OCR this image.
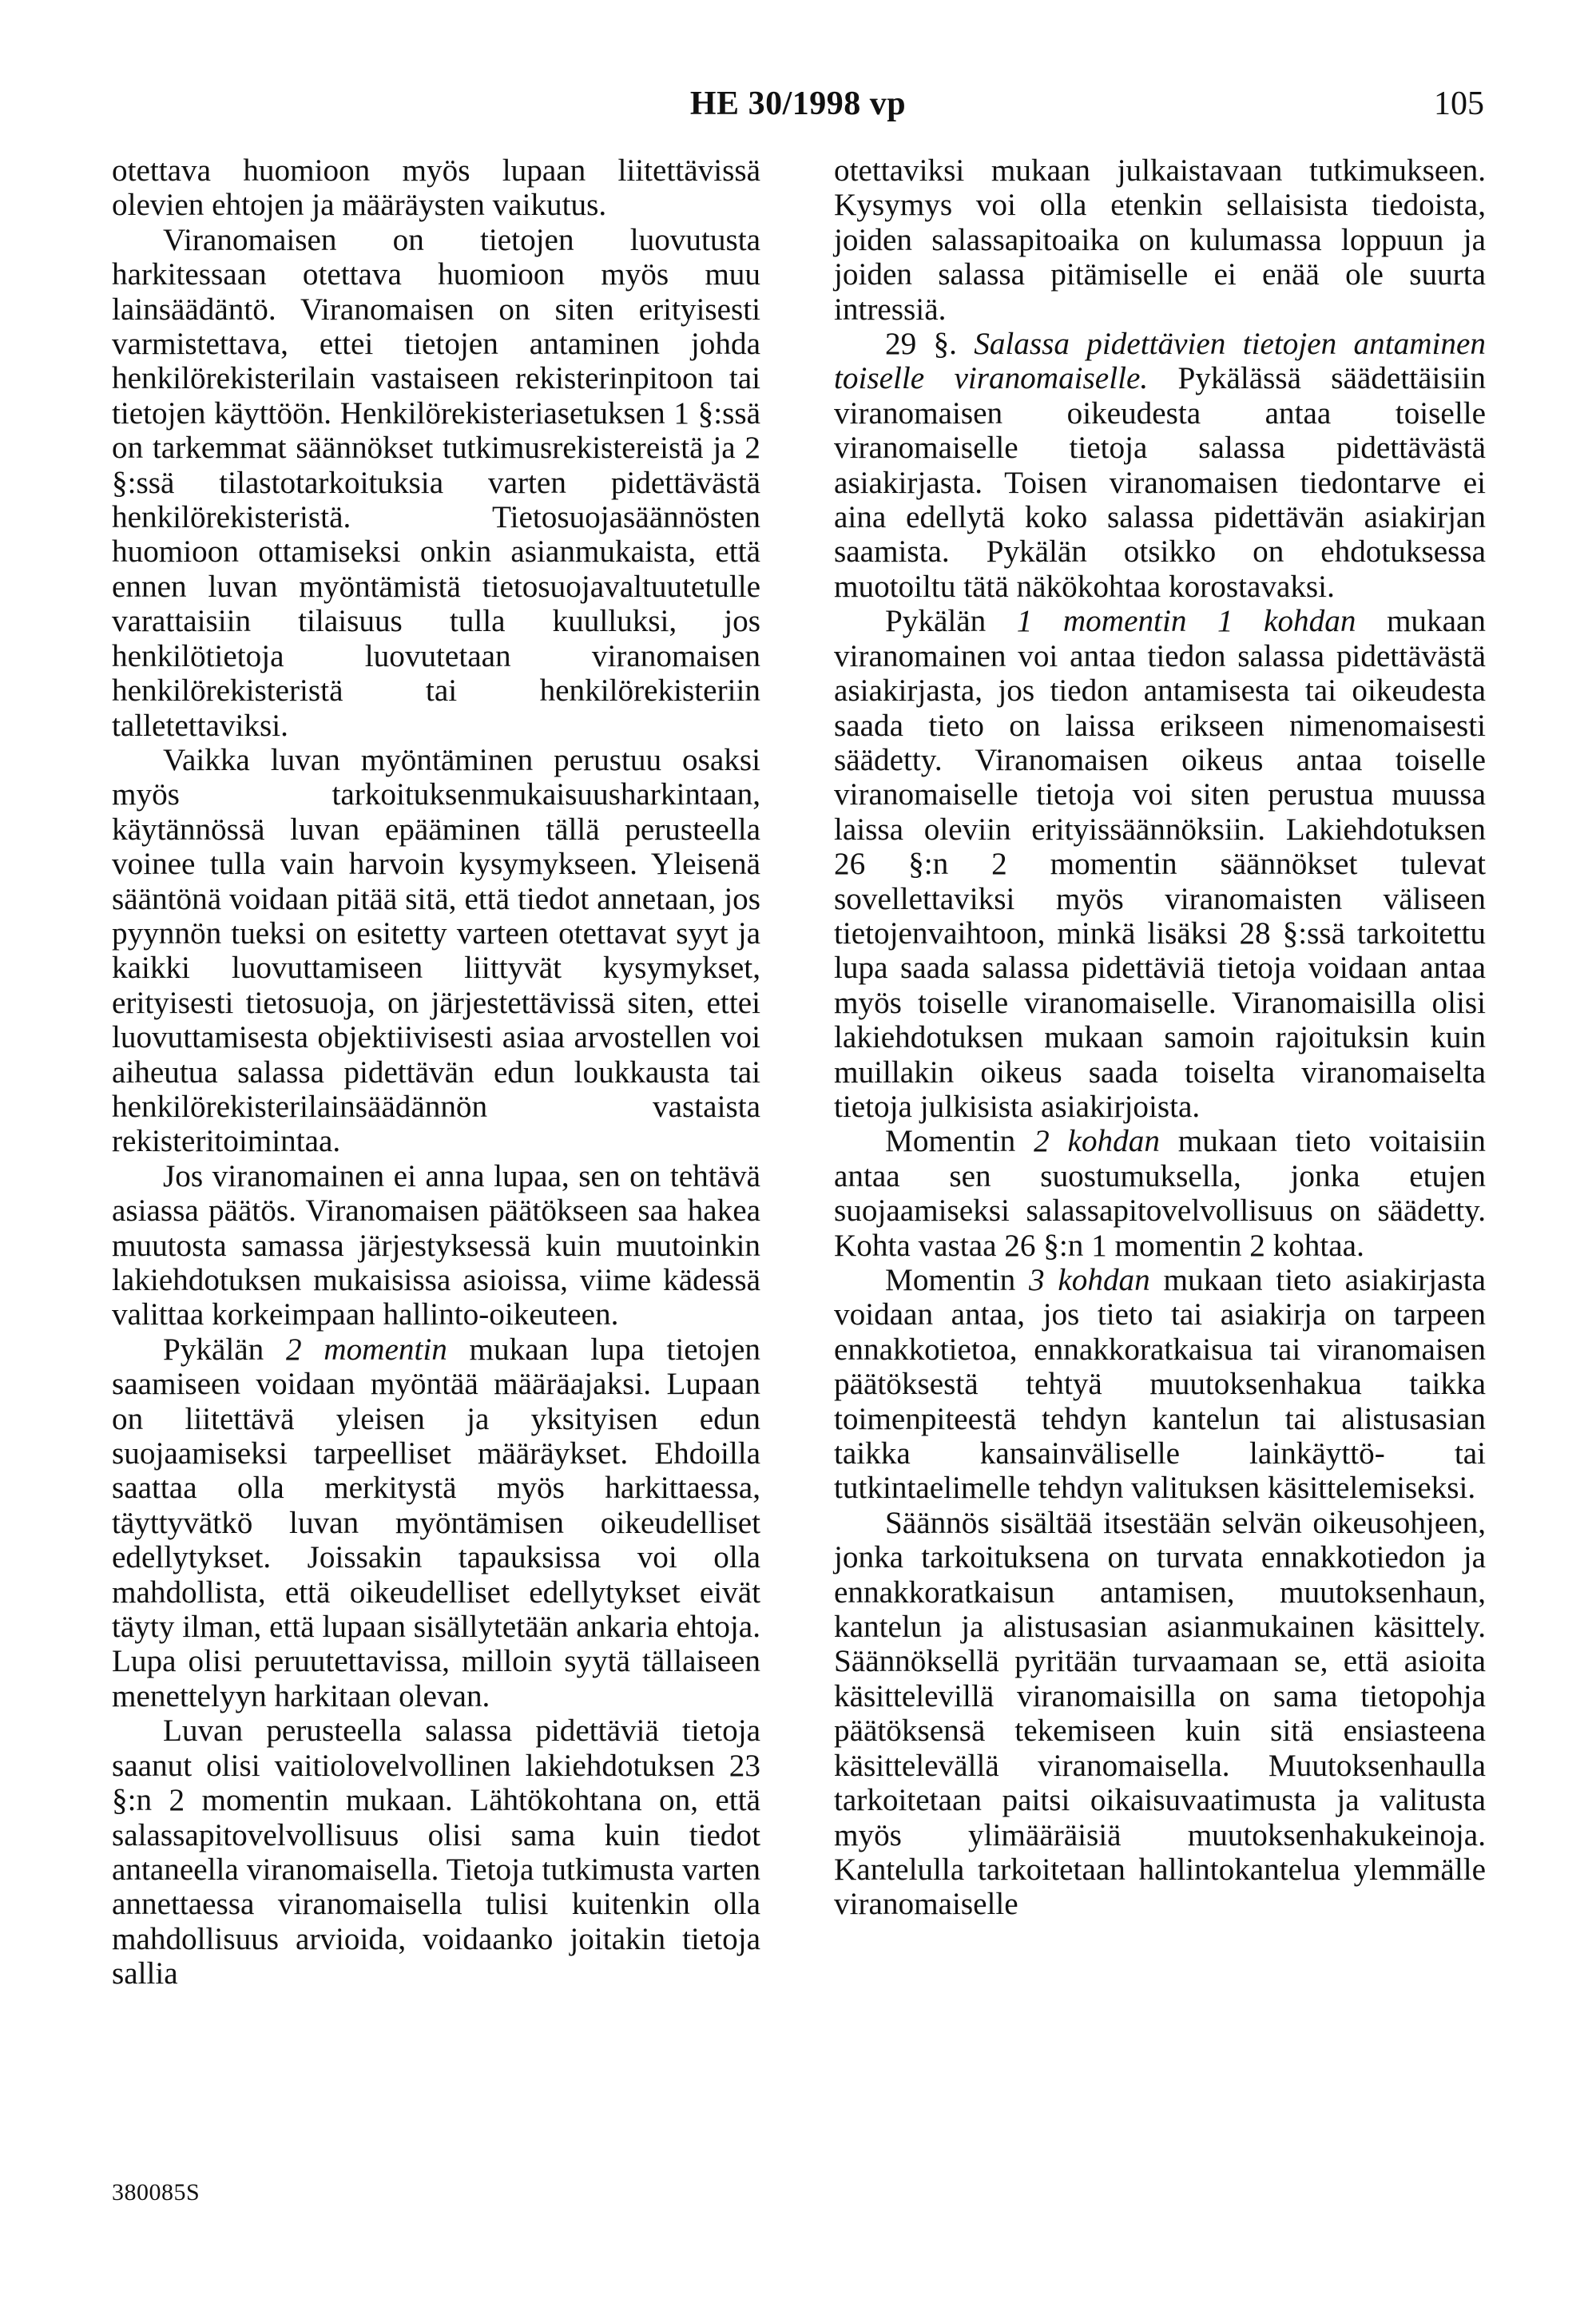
HE 30/1998 vp	105

otettava huomioon myös lupaan liitettävissä olevien ehtojen ja määräysten vaikutus.

Viranomaisen on tietojen luovutusta harkitessaan otettava huomioon myös muu lainsäädäntö. Viranomaisen on siten erityisesti varmistettava, ettei tietojen antaminen johda henkilörekisterilain vastaiseen rekisterinpitoon tai tietojen käyttöön. Henkilörekisteriasetuksen 1 §:ssä on tarkemmat säännökset tutkimusrekistereistä ja 2 §:ssä tilastotarkoituksia varten pidettävästä henkilörekisteristä. Tietosuojasäännösten huomioon ottamiseksi onkin asianmukaista, että ennen luvan myöntämistä tietosuojavaltuutetulle varattaisiin tilaisuus tulla kuulluksi, jos henkilötietoja luovutetaan viranomaisen henkilörekisteristä tai henkilörekisteriin talletettaviksi.

Vaikka luvan myöntäminen perustuu osaksi myös tarkoituksenmukaisuusharkintaan, käytännössä luvan epääminen tällä perusteella voinee tulla vain harvoin kysymykseen. Yleisenä sääntönä voidaan pitää sitä, että tiedot annetaan, jos pyynnön tueksi on esitetty varteen otettavat syyt ja kaikki luovuttamiseen liittyvät kysymykset, erityisesti tietosuoja, on järjestettävissä siten, ettei luovuttamisesta objektiivisesti asiaa arvostellen voi aiheutua salassa pidettävän edun loukkausta tai henkilörekisterilainsäädännön vastaista rekisteritoimintaa.

Jos viranomainen ei anna lupaa, sen on tehtävä asiassa päätös. Viranomaisen päätökseen saa hakea muutosta samassa järjestyksessä kuin muutoinkin lakiehdotuksen mukaisissa asioissa, viime kädessä valittaa korkeimpaan hallinto-oikeuteen.

Pykälän 2 momentin mukaan lupa tietojen saamiseen voidaan myöntää määräajaksi. Lupaan on liitettävä yleisen ja yksityisen edun suojaamiseksi tarpeelliset määräykset. Ehdoilla saattaa olla merkitystä myös harkittaessa, täyttyvätkö luvan myöntämisen oikeudelliset edellytykset. Joissakin tapauksissa voi olla mahdollista, että oikeudelliset edellytykset eivät täyty ilman, että lupaan sisällytetään ankaria ehtoja. Lupa olisi peruutettavissa, milloin syytä tällaiseen menettelyyn harkitaan olevan.

Luvan perusteella salassa pidettäviä tietoja saanut olisi vaitiolovelvollinen lakiehdotuksen 23 §:n 2 momentin mukaan. Lähtökohtana on, että salassapitovelvollisuus olisi sama kuin tiedot antaneella viranomaisella. Tietoja tutkimusta varten annettaessa viranomaisella tulisi kuitenkin olla mahdollisuus arvioida, voidaanko joitakin tietoja sallia

otettaviksi mukaan julkaistavaan tutkimukseen. Kysymys voi olla etenkin sellaisista tiedoista, joiden salassapitoaika on kulumassa loppuun ja joiden salassa pitämiselle ei enää ole suurta intressiä.

29 §. Salassa pidettävien tietojen antaminen toiselle viranomaiselle. Pykälässä säädettäisiin viranomaisen oikeudesta antaa toiselle viranomaiselle tietoja salassa pidettävästä asiakirjasta. Toisen viranomaisen tiedontarve ei aina edellytä koko salassa pidettävän asiakirjan saamista. Pykälän otsikko on ehdotuksessa muotoiltu tätä näkökohtaa korostavaksi.

Pykälän 1 momentin 1 kohdan mukaan viranomainen voi antaa tiedon salassa pidettävästä asiakirjasta, jos tiedon antamisesta tai oikeudesta saada tieto on laissa erikseen nimenomaisesti säädetty. Viranomaisen oikeus antaa toiselle viranomaiselle tietoja voi siten perustua muussa laissa oleviin erityissäännöksiin. Lakiehdotuksen 26 §:n 2 momentin säännökset tulevat sovellettaviksi myös viranomaisten väliseen tietojenvaihtoon, minkä lisäksi 28 §:ssä tarkoitettu lupa saada salassa pidettäviä tietoja voidaan antaa myös toiselle viranomaiselle. Viranomaisilla olisi lakiehdotuksen mukaan samoin rajoituksin kuin muillakin oikeus saada toiselta viranomaiselta tietoja julkisista asiakirjoista.

Momentin 2 kohdan mukaan tieto voitaisiin antaa sen suostumuksella, jonka etujen suojaamiseksi salassapitovelvollisuus on säädetty. Kohta vastaa 26 §:n 1 momentin 2 kohtaa.

Momentin 3 kohdan mukaan tieto asiakirjasta voidaan antaa, jos tieto tai asiakirja on tarpeen ennakkotietoa, ennakkoratkaisua tai viranomaisen päätöksestä tehtyä muutoksenhakua taikka toimenpiteestä tehdyn kantelun tai alistusasian taikka kansainväliselle lainkäyttö- tai tutkintaelimelle tehdyn valituksen käsittelemiseksi.

Säännös sisältää itsestään selvän oikeusohjeen, jonka tarkoituksena on turvata ennakkotiedon ja ennakkoratkaisun antamisen, muutoksenhaun, kantelun ja alistusasian asianmukainen käsittely. Säännöksellä pyritään turvaamaan se, että asioita käsittelevillä viranomaisilla on sama tietopohja päätöksensä tekemiseen kuin sitä ensiasteena käsittelevällä viranomaisella. Muutoksenhaulla tarkoitetaan paitsi oikaisuvaatimusta ja valitusta myös ylimääräisiä muutoksenhakukeinoja. Kantelulla tarkoitetaan hallintokantelua ylemmälle viranomaiselle

380085S
